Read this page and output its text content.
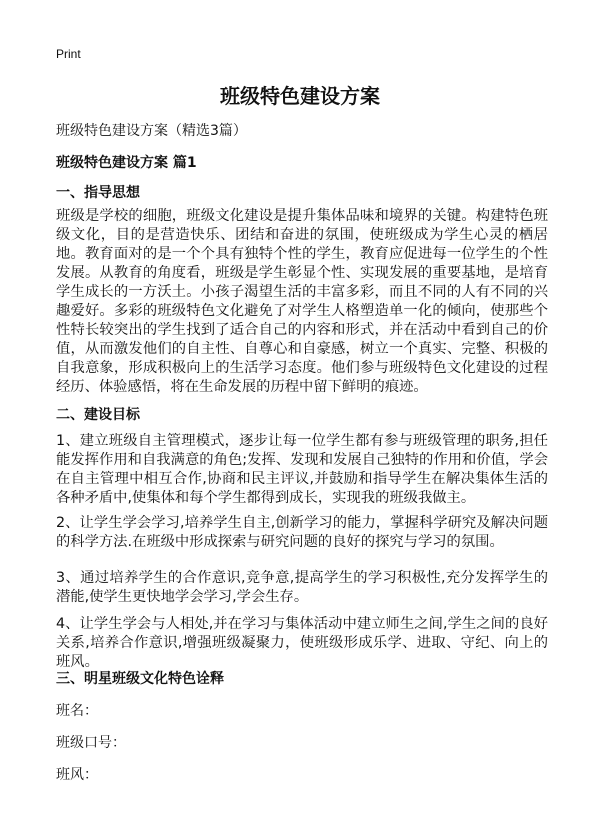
Print
班级特色建设方案
班级特色建设方案（精选3篇）
班级特色建设方案 篇1
一、指导思想
班级是学校的细胞，班级文化建设是提升集体品味和境界的关键。构建特色班级文化，目的是营造快乐、团结和奋进的氛围，使班级成为学生心灵的栖居地。教育面对的是一个个具有独特个性的学生，教育应促进每一位学生的个性发展。从教育的角度看，班级是学生彰显个性、实现发展的重要基地，是培育学生成长的一方沃土。小孩子渴望生活的丰富多彩，而且不同的人有不同的兴趣爱好。多彩的班级特色文化避免了对学生人格塑造单一化的倾向，使那些个性特长较突出的学生找到了适合自己的内容和形式，并在活动中看到自己的价值，从而激发他们的自主性、自尊心和自豪感，树立一个真实、完整、积极的自我意象，形成积极向上的生活学习态度。他们参与班级特色文化建设的过程经历、体验感悟，将在生命发展的历程中留下鲜明的痕迹。
二、建设目标
1、建立班级自主管理模式，逐步让每一位学生都有参与班级管理的职务,担任能发挥作用和自我满意的角色;发挥、发现和发展自己独特的作用和价值，学会在自主管理中相互合作,协商和民主评议,并鼓励和指导学生在解决集体生活的各种矛盾中,使集体和每个学生都得到成长，实现我的班级我做主。
2、让学生学会学习,培养学生自主,创新学习的能力，掌握科学研究及解决问题的科学方法.在班级中形成探索与研究问题的良好的探究与学习的氛围。
3、通过培养学生的合作意识,竞争意,提高学生的学习积极性,充分发挥学生的潜能,使学生更快地学会学习,学会生存。
4、让学生学会与人相处,并在学习与集体活动中建立师生之间,学生之间的良好关系,培养合作意识,增强班级凝聚力，使班级形成乐学、进取、守纪、向上的班风。
三、明星班级文化特色诠释
班名：
班级口号：
班风：
